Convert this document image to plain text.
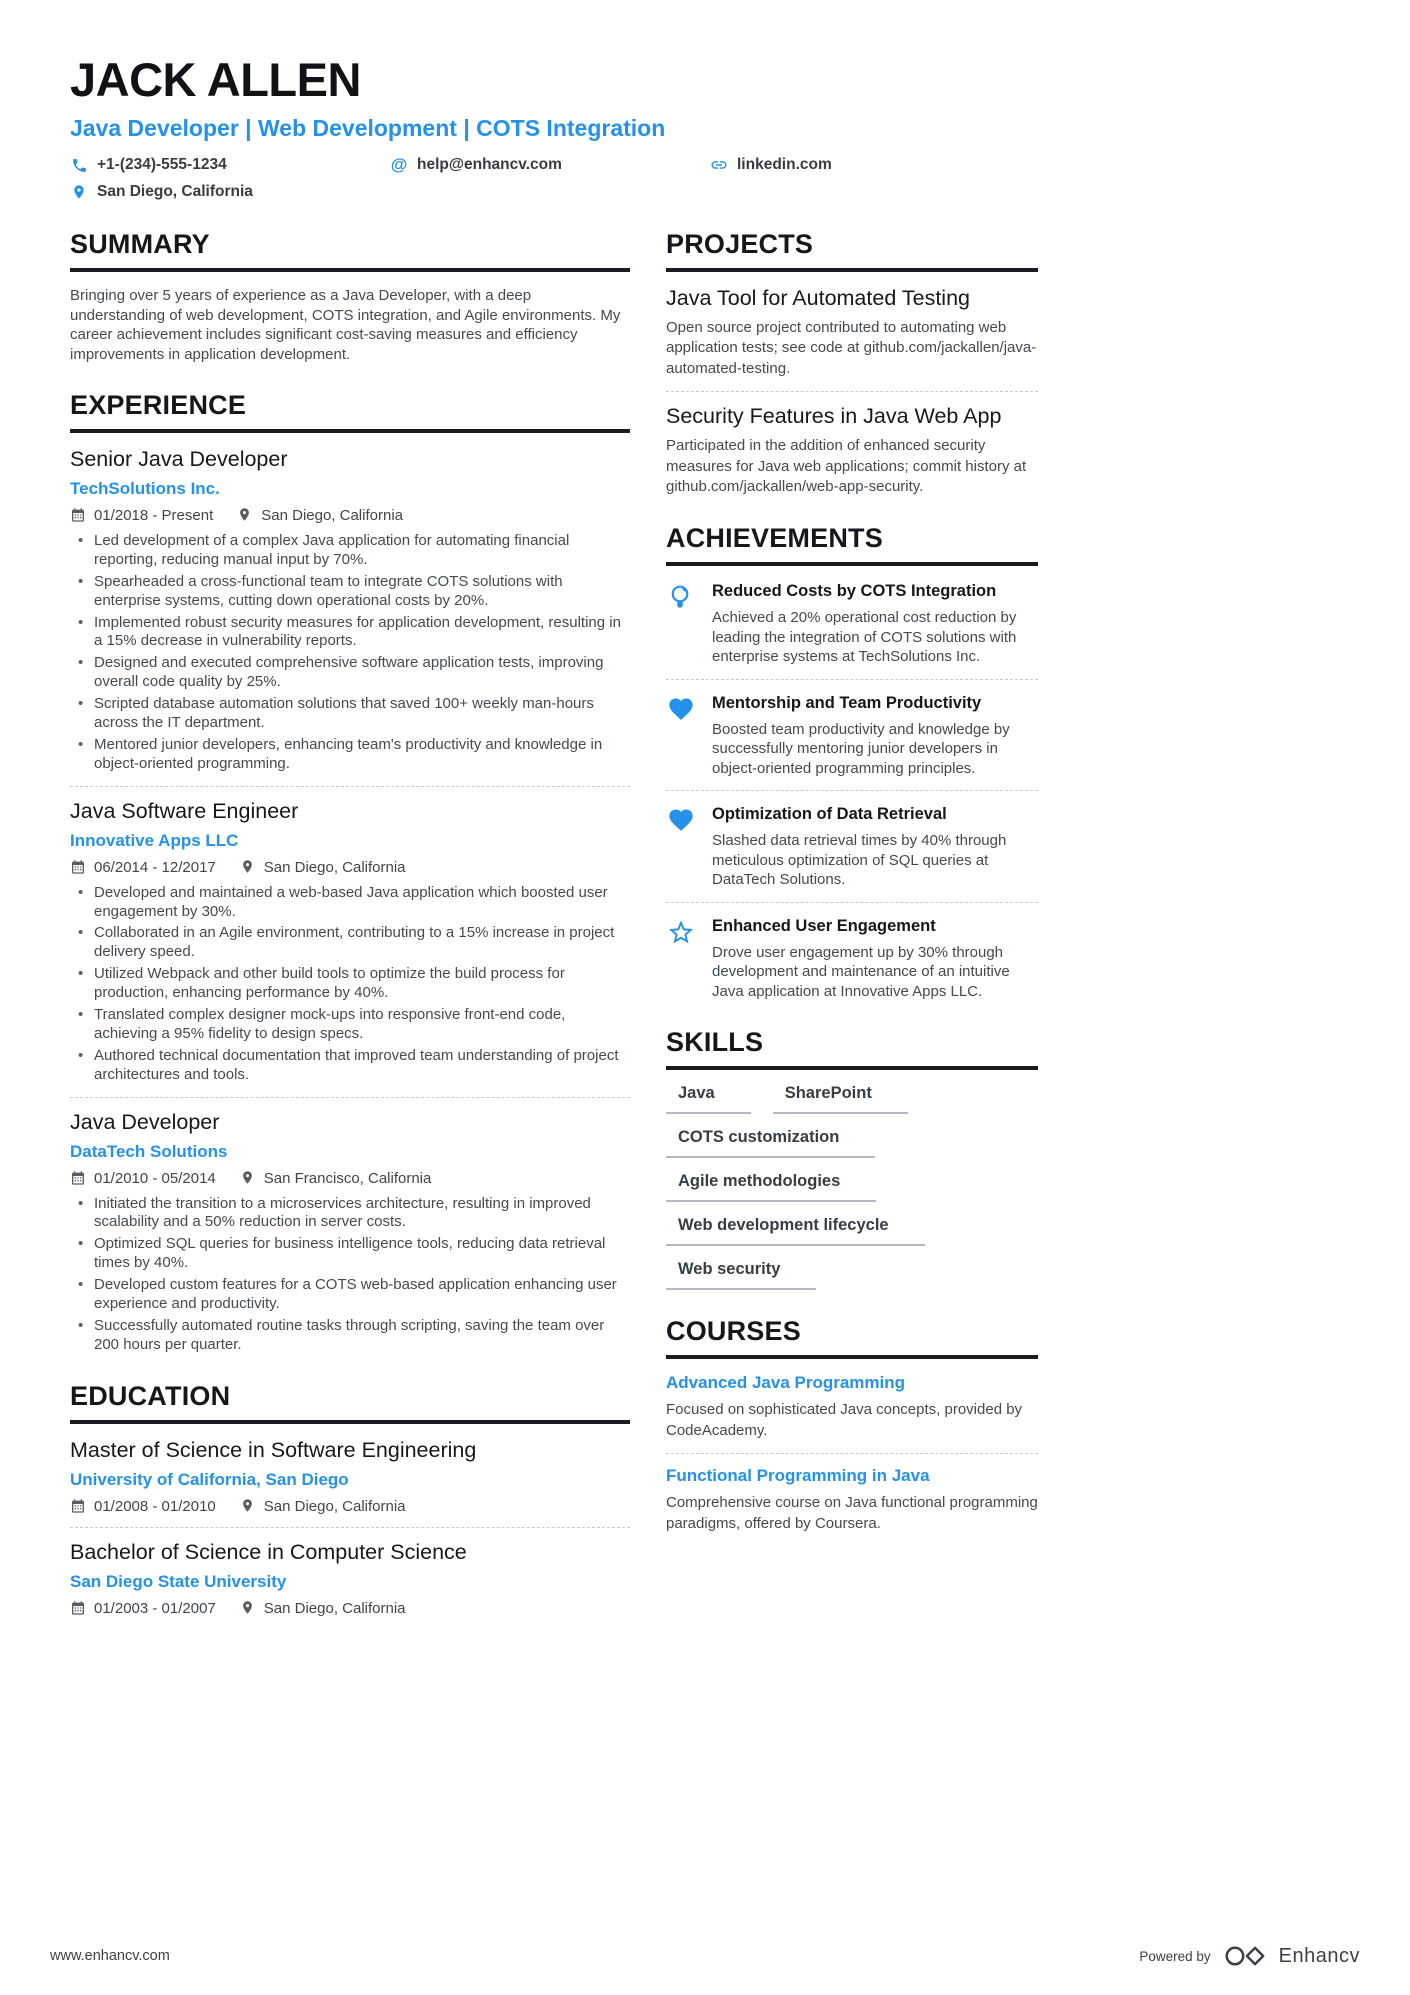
JACK ALLEN
Java Developer | Web Development | COTS Integration
+1-(234)-555-1234	@ help@enhancv.com	linkedin.com
San Diego, California
SUMMARY

Bringing over 5 years of experience as a Java Developer, with a deep understanding of web development, COTS integration, and Agile environments. My career achievement includes significant cost-saving measures and efficiency improvements in application development.

EXPERIENCE
Senior Java Developer
TechSolutions Inc.
01/2018 - Present	San Diego, California
• Led development of a complex Java application for automating financial reporting, reducing manual input by 70%.
• Spearheaded a cross-functional team to integrate COTS solutions with enterprise systems, cutting down operational costs by 20%.
• Implemented robust security measures for application development, resulting in a 15% decrease in vulnerability reports.
• Designed and executed comprehensive software application tests, improving overall code quality by 25%.
• Scripted database automation solutions that saved 100+ weekly man-hours across the IT department.
• Mentored junior developers, enhancing team's productivity and knowledge in object-oriented programming.
Java Software Engineer
Innovative Apps LLC
06/2014 - 12/2017	San Diego, California
• Developed and maintained a web-based Java application which boosted user engagement by 30%.
• Collaborated in an Agile environment, contributing to a 15% increase in project delivery speed.
• Utilized Webpack and other build tools to optimize the build process for production, enhancing performance by 40%.
• Translated complex designer mock-ups into responsive front-end code, achieving a 95% fidelity to design specs.
• Authored technical documentation that improved team understanding of project architectures and tools.
Java Developer
DataTech Solutions
01/2010 - 05/2014	San Francisco, California
• Initiated the transition to a microservices architecture, resulting in improved scalability and a 50% reduction in server costs.
• Optimized SQL queries for business intelligence tools, reducing data retrieval times by 40%.
• Developed custom features for a COTS web-based application enhancing user experience and productivity.
• Successfully automated routine tasks through scripting, saving the team over 200 hours per quarter.
EDUCATION
Master of Science in Software Engineering
University of California, San Diego
01/2008 - 01/2010	San Diego, California
Bachelor of Science in Computer Science
San Diego State University
01/2003 - 01/2007	San Diego, California
PROJECTS
Java Tool for Automated Testing

Open source project contributed to automating web application tests; see code at github.com/jackallen/java-automated-testing.

Security Features in Java Web App

Participated in the addition of enhanced security measures for Java web applications; commit history at github.com/jackallen/web-app-security.

ACHIEVEMENTS
Reduced Costs by COTS Integration

Achieved a 20% operational cost reduction by leading the integration of COTS solutions with enterprise systems at TechSolutions Inc.

Mentorship and Team Productivity

Boosted team productivity and knowledge by successfully mentoring junior developers in object-oriented programming principles.

Optimization of Data Retrieval

Slashed data retrieval times by 40% through meticulous optimization of SQL queries at DataTech Solutions.

Enhanced User Engagement

Drove user engagement up by 30% through development and maintenance of an intuitive Java application at Innovative Apps LLC.

SKILLS
Java	SharePoint
COTS customization
Agile methodologies
Web development lifecycle
Web security
COURSES
Advanced Java Programming

Focused on sophisticated Java concepts, provided by CodeAcademy.

Functional Programming in Java

Comprehensive course on Java functional programming paradigms, offered by Coursera.

www.enhancv.com	Powered by	Enhancv
